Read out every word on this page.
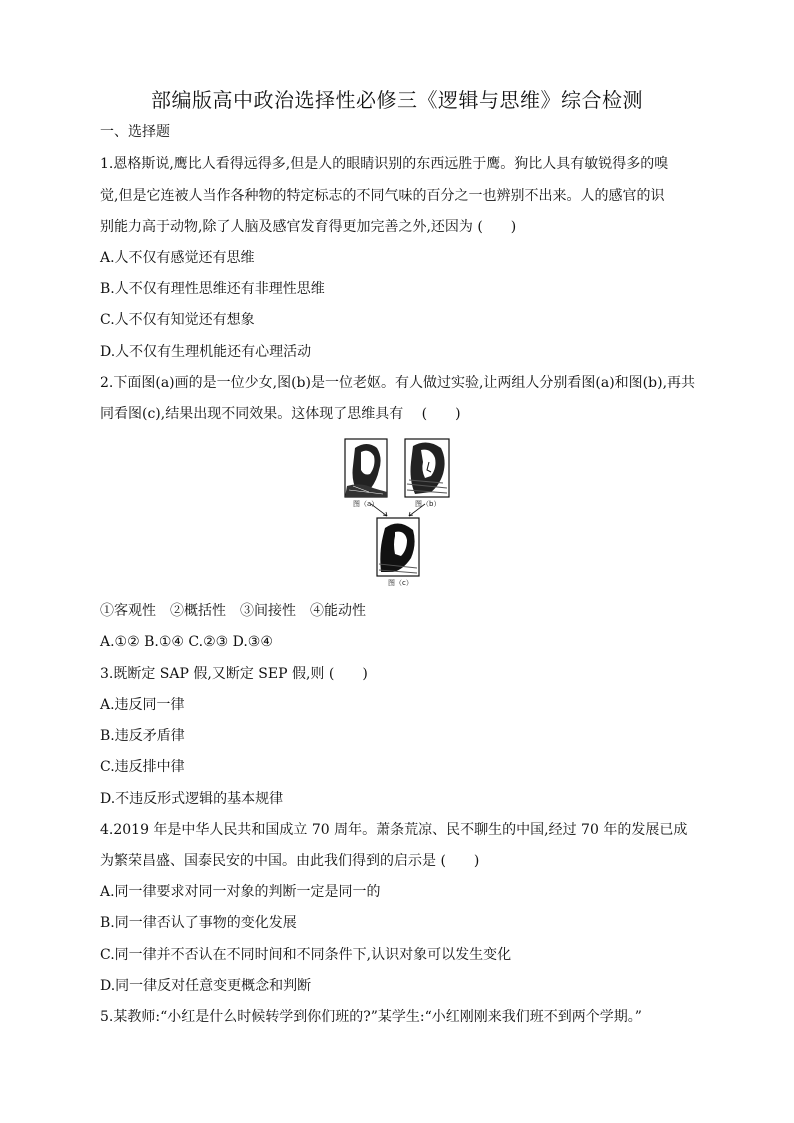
部编版高中政治选择性必修三《逻辑与思维》综合检测
一、选择题
1.恩格斯说,鹰比人看得远得多,但是人的眼睛识别的东西远胜于鹰。狗比人具有敏锐得多的嗅
觉,但是它连被人当作各种物的特定标志的不同气味的百分之一也辨别不出来。人的感官的识
别能力高于动物,除了人脑及感官发育得更加完善之外,还因为 (　　)
A.人不仅有感觉还有思维
B.人不仅有理性思维还有非理性思维
C.人不仅有知觉还有想象
D.人不仅有生理机能还有心理活动
2.下面图(a)画的是一位少女,图(b)是一位老妪。有人做过实验,让两组人分别看图(a)和图(b),再共
同看图(c),结果出现不同效果。这体现了思维具有 　(　　)
图（a）	图（b）
图（c）
①客观性　②概括性　③间接性　④能动性
A.①② B.①④ C.②③ D.③④
3.既断定 SAP 假,又断定 SEP 假,则 (　　)
A.违反同一律
B.违反矛盾律
C.违反排中律
D.不违反形式逻辑的基本规律
4.2019 年是中华人民共和国成立 70 周年。萧条荒凉、民不聊生的中国,经过 70 年的发展已成
为繁荣昌盛、国泰民安的中国。由此我们得到的启示是 (　　)
A.同一律要求对同一对象的判断一定是同一的
B.同一律否认了事物的变化发展
C.同一律并不否认在不同时间和不同条件下,认识对象可以发生变化
D.同一律反对任意变更概念和判断
5.某教师:“小红是什么时候转学到你们班的?”某学生:“小红刚刚来我们班不到两个学期。”
